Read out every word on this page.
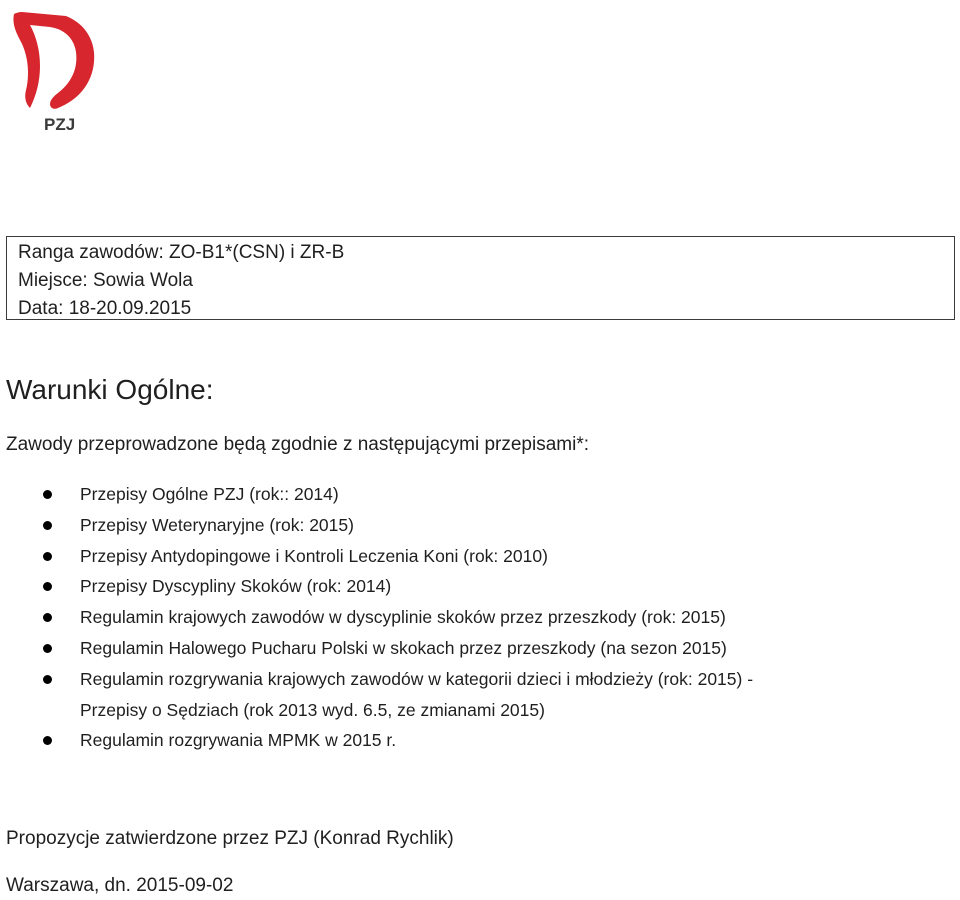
PZJ
Ranga zawodów: ZO-B1*(CSN) i ZR-B
Miejsce: Sowia Wola
Data: 18-20.09.2015
Warunki Ogólne:
Zawody przeprowadzone będą zgodnie z następującymi przepisami*:
Przepisy Ogólne PZJ (rok:: 2014)
Przepisy Weterynaryjne (rok: 2015)
Przepisy Antydopingowe i Kontroli Leczenia Koni (rok: 2010)
Przepisy Dyscypliny Skoków (rok: 2014)
Regulamin krajowych zawodów w dyscyplinie skoków przez przeszkody (rok: 2015)
Regulamin Halowego Pucharu Polski w skokach przez przeszkody (na sezon 2015)
Regulamin rozgrywania krajowych zawodów w kategorii dzieci i młodzieży (rok: 2015) -
Przepisy o Sędziach (rok 2013 wyd. 6.5, ze zmianami 2015)
Regulamin rozgrywania MPMK w 2015 r.
Propozycje zatwierdzone przez PZJ (Konrad Rychlik)
Warszawa, dn. 2015-09-02
